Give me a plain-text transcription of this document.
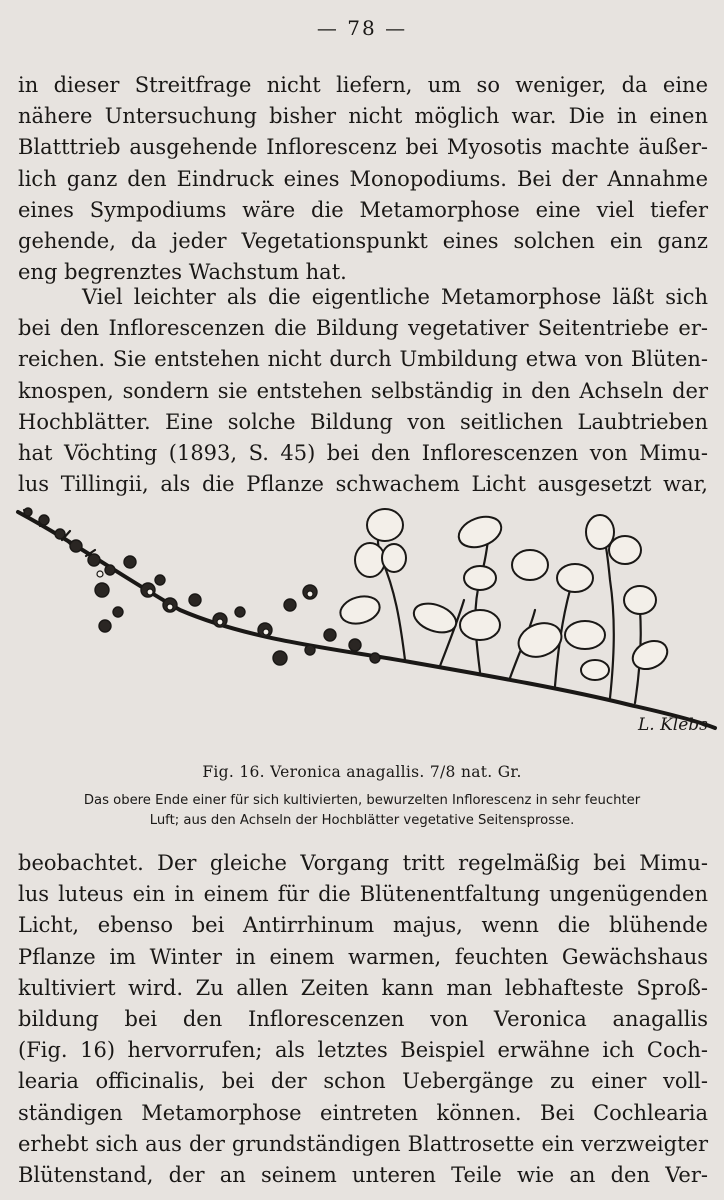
— 78 —
in dieser Streitfrage nicht liefern, um so weniger, da eine
nähere Untersuchung bisher nicht möglich war. Die in einen
Blatttrieb ausgehende Inflorescenz bei Myosotis machte äußer-
lich ganz den Eindruck eines Monopodiums. Bei der Annahme
eines Sympodiums wäre die Metamorphose eine viel tiefer
gehende, da jeder Vegetationspunkt eines solchen ein ganz
eng begrenztes Wachstum hat.
Viel leichter als die eigentliche Metamorphose läßt sich
bei den Inflorescenzen die Bildung vegetativer Seitentriebe er-
reichen. Sie entstehen nicht durch Umbildung etwa von Blüten-
knospen, sondern sie entstehen selbständig in den Achseln der
Hochblätter. Eine solche Bildung von seitlichen Laubtrieben
hat Vöchting (1893, S. 45) bei den Inflorescenzen von Mimu-
lus Tillingii, als die Pflanze schwachem Licht ausgesetzt war,
L. Klebs
Fig. 16. Veronica anagallis. 7/8 nat. Gr.
Das obere Ende einer für sich kultivierten, bewurzelten Inflorescenz in sehr feuchter
Luft; aus den Achseln der Hochblätter vegetative Seitensprosse.
beobachtet. Der gleiche Vorgang tritt regelmäßig bei Mimu-
lus luteus ein in einem für die Blütenentfaltung ungenügenden
Licht, ebenso bei Antirrhinum majus, wenn die blühende
Pflanze im Winter in einem warmen, feuchten Gewächshaus
kultiviert wird. Zu allen Zeiten kann man lebhafteste Sproß-
bildung bei den Inflorescenzen von Veronica anagallis
(Fig. 16) hervorrufen; als letztes Beispiel erwähne ich Coch-
learia officinalis, bei der schon Uebergänge zu einer voll-
ständigen Metamorphose eintreten können. Bei Cochlearia
erhebt sich aus der grundständigen Blattrosette ein verzweigter
Blütenstand, der an seinem unteren Teile wie an den Ver-
